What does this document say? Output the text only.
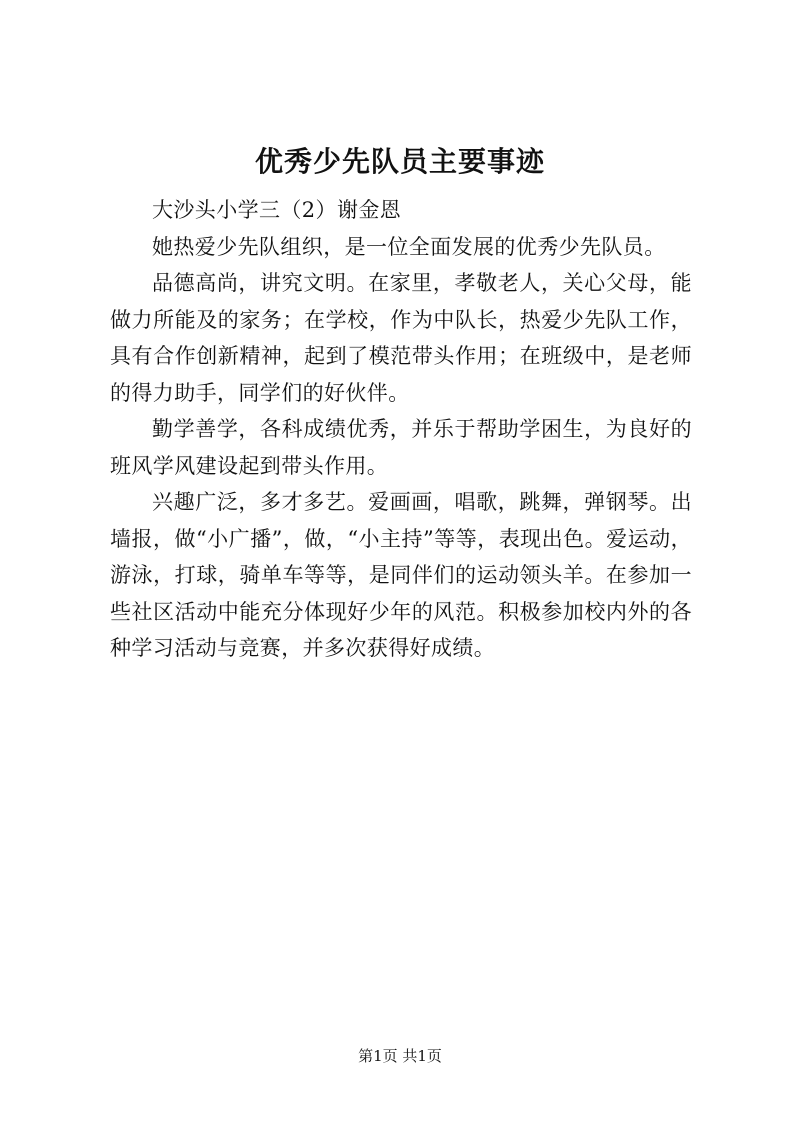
优秀少先队员主要事迹

大沙头小学三（2）谢金恩

她热爱少先队组织，是一位全面发展的优秀少先队员。

品德高尚，讲究文明。在家里，孝敬老人，关心父母，能做力所能及的家务；在学校，作为中队长，热爱少先队工作，具有合作创新精神，起到了模范带头作用；在班级中，是老师的得力助手，同学们的好伙伴。

勤学善学，各科成绩优秀，并乐于帮助学困生，为良好的班风学风建设起到带头作用。

兴趣广泛，多才多艺。爱画画，唱歌，跳舞，弹钢琴。出墙报，做“小广播”，做，“小主持”等等，表现出色。爱运动，游泳，打球，骑单车等等，是同伴们的运动领头羊。在参加一些社区活动中能充分体现好少年的风范。积极参加校内外的各种学习活动与竞赛，并多次获得好成绩。

第1页 共1页
